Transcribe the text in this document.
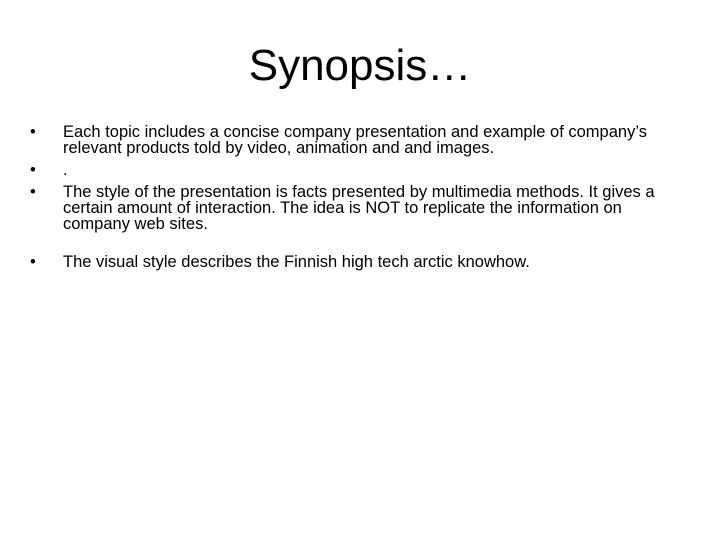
Synopsis…
•	Each topic includes a concise company presentation and example of company’s relevant products told by video, animation and and images.
•	.
•	The style of the presentation is facts presented by multimedia methods. It gives a certain amount of interaction. The idea is NOT to replicate the information on company web sites.
•	The visual style describes the Finnish high tech arctic knowhow.
